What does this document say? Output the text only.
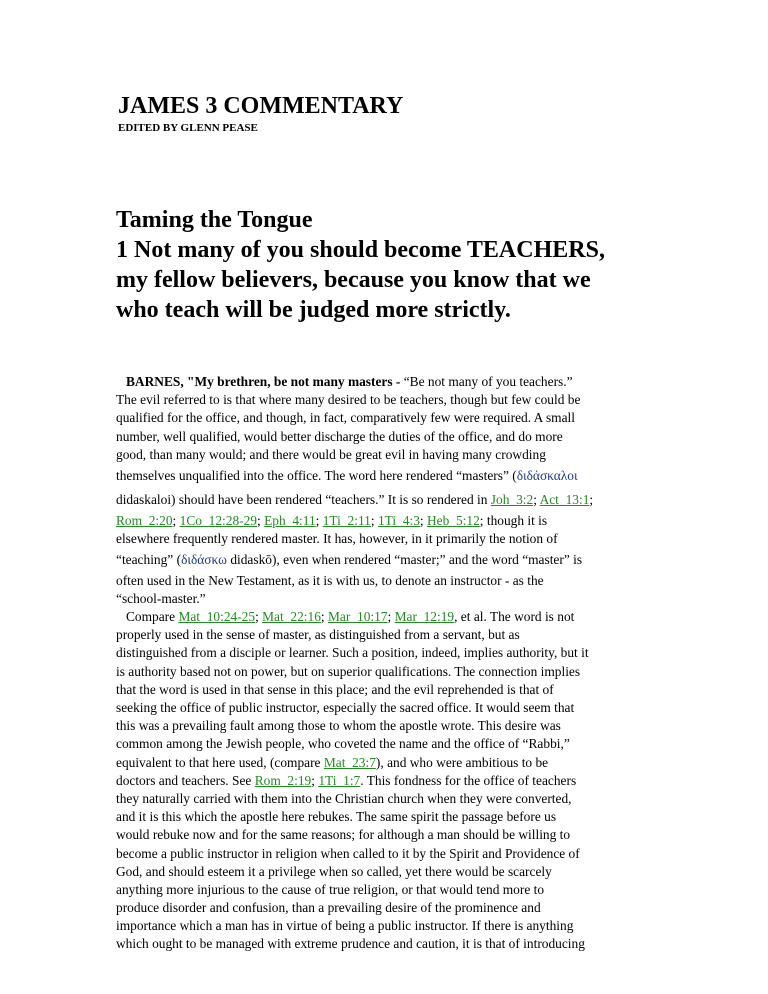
JAMES 3 COMMENTARY
EDITED BY GLENN PEASE
Taming the Tongue
1 Not many of you should become TEACHERS,
my fellow believers, because you know that we
who teach will be judged more strictly.
BARNES, "My brethren, be not many masters - “Be not many of you teachers.”
The evil referred to is that where many desired to be teachers, though but few could be
qualified for the office, and though, in fact, comparatively few were required. A small
number, well qualified, would better discharge the duties of the office, and do more
good, than many would; and there would be great evil in having many crowding
themselves unqualified into the office. The word here rendered “masters” (διδάσκαλοι
didaskaloi) should have been rendered “teachers.” It is so rendered in Joh_3:2; Act_13:1;
Rom_2:20; 1Co_12:28-29; Eph_4:11; 1Ti_2:11; 1Ti_4:3; Heb_5:12; though it is
elsewhere frequently rendered master. It has, however, in it primarily the notion of
“teaching” (διδάσκω didaskō), even when rendered “master;” and the word “master” is
often used in the New Testament, as it is with us, to denote an instructor - as the
“school-master.”
Compare Mat_10:24-25; Mat_22:16; Mar_10:17; Mar_12:19, et al. The word is not
properly used in the sense of master, as distinguished from a servant, but as
distinguished from a disciple or learner. Such a position, indeed, implies authority, but it
is authority based not on power, but on superior qualifications. The connection implies
that the word is used in that sense in this place; and the evil reprehended is that of
seeking the office of public instructor, especially the sacred office. It would seem that
this was a prevailing fault among those to whom the apostle wrote. This desire was
common among the Jewish people, who coveted the name and the office of “Rabbi,”
equivalent to that here used, (compare Mat_23:7), and who were ambitious to be
doctors and teachers. See Rom_2:19; 1Ti_1:7. This fondness for the office of teachers
they naturally carried with them into the Christian church when they were converted,
and it is this which the apostle here rebukes. The same spirit the passage before us
would rebuke now and for the same reasons; for although a man should be willing to
become a public instructor in religion when called to it by the Spirit and Providence of
God, and should esteem it a privilege when so called, yet there would be scarcely
anything more injurious to the cause of true religion, or that would tend more to
produce disorder and confusion, than a prevailing desire of the prominence and
importance which a man has in virtue of being a public instructor. If there is anything
which ought to be managed with extreme prudence and caution, it is that of introducing
